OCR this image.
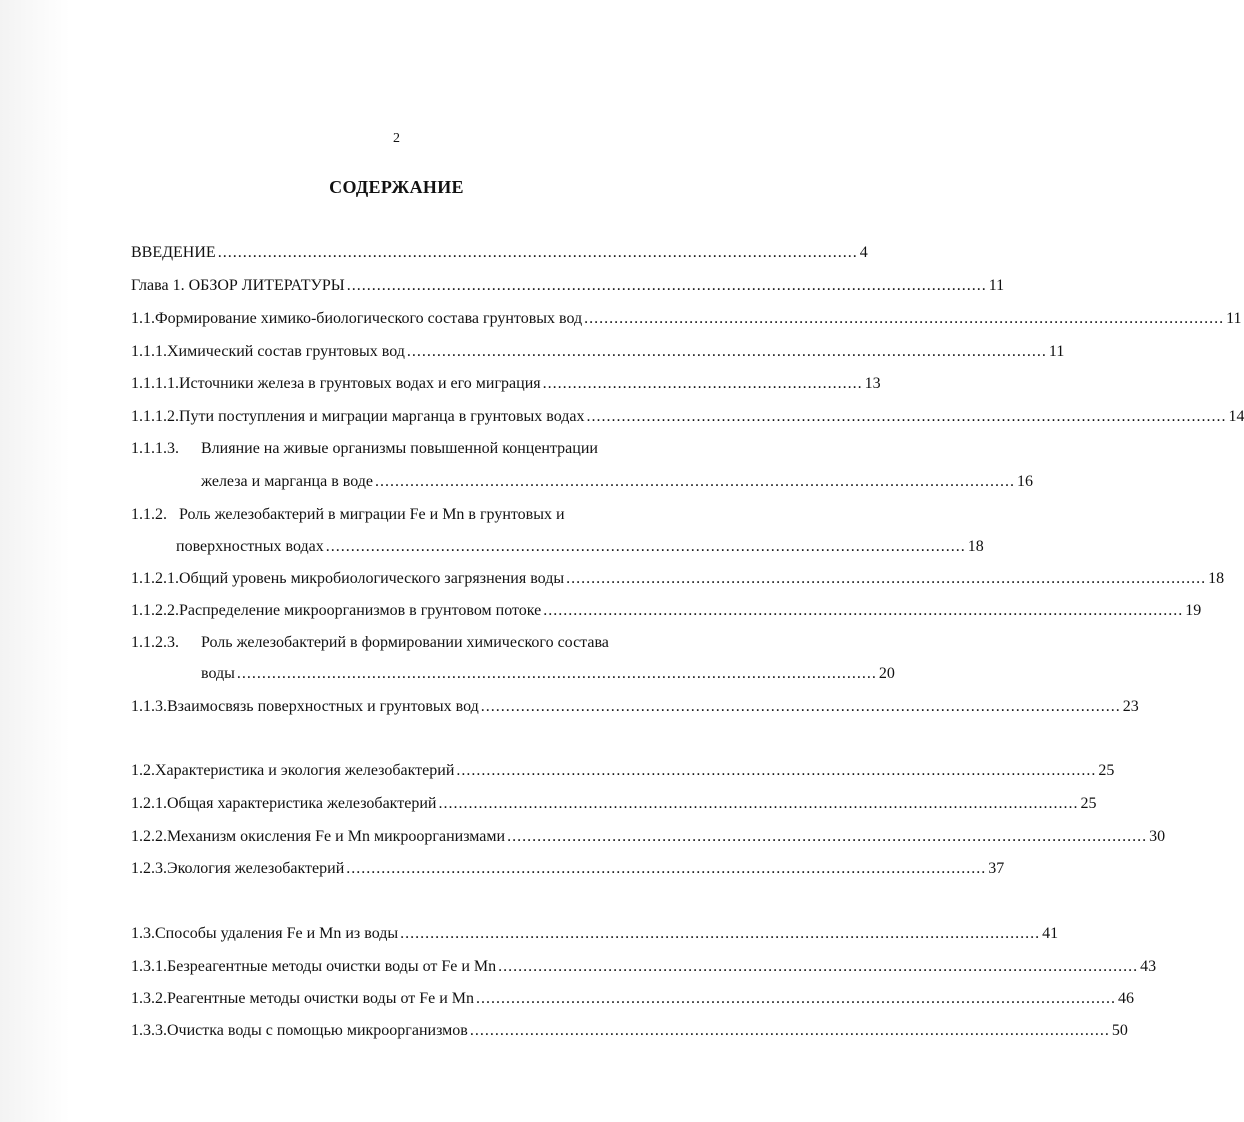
2
СОДЕРЖАНИЕ
ВВЕДЕНИЕ ................................................................................................................................ 4
Глава 1. ОБЗОР ЛИТЕРАТУРЫ ................................................................................................................................ 11
1.1. Формирование химико-биологического состава грунтовых вод ................................................................................................................................ 11
1.1.1. Химический состав грунтовых вод ................................................................................................................................ 11
1.1.1.1. Источники железа в грунтовых водах и его миграция ................................................................ 13
1.1.1.2. Пути поступления и миграции марганца в грунтовых водах ................................................................................................................................ 14
1.1.1.3. Влияние на живые организмы повышенной концентрации
железа и марганца в воде ................................................................................................................................ 16
1.1.2. Роль железобактерий в миграции Fe и Mn в грунтовых и
поверхностных водах ................................................................................................................................ 18
1.1.2.1. Общий уровень микробиологического загрязнения воды ................................................................................................................................ 18
1.1.2.2. Распределение микроорганизмов в грунтовом потоке ................................................................................................................................ 19
1.1.2.3. Роль железобактерий в формировании химического состава
воды ................................................................................................................................ 20
1.1.3. Взаимосвязь поверхностных и грунтовых вод ................................................................................................................................ 23
1.2. Характеристика и экология железобактерий ................................................................................................................................ 25
1.2.1. Общая характеристика железобактерий ................................................................................................................................ 25
1.2.2. Механизм окисления Fe и Mn микроорганизмами ................................................................................................................................ 30
1.2.3. Экология железобактерий ................................................................................................................................ 37
1.3. Способы удаления Fe и Mn из воды ................................................................................................................................ 41
1.3.1. Безреагентные методы очистки воды от Fe и Mn ................................................................................................................................ 43
1.3.2. Реагентные методы очистки воды от Fe и Mn ................................................................................................................................ 46
1.3.3. Очистка воды с помощью микроорганизмов ................................................................................................................................ 50
